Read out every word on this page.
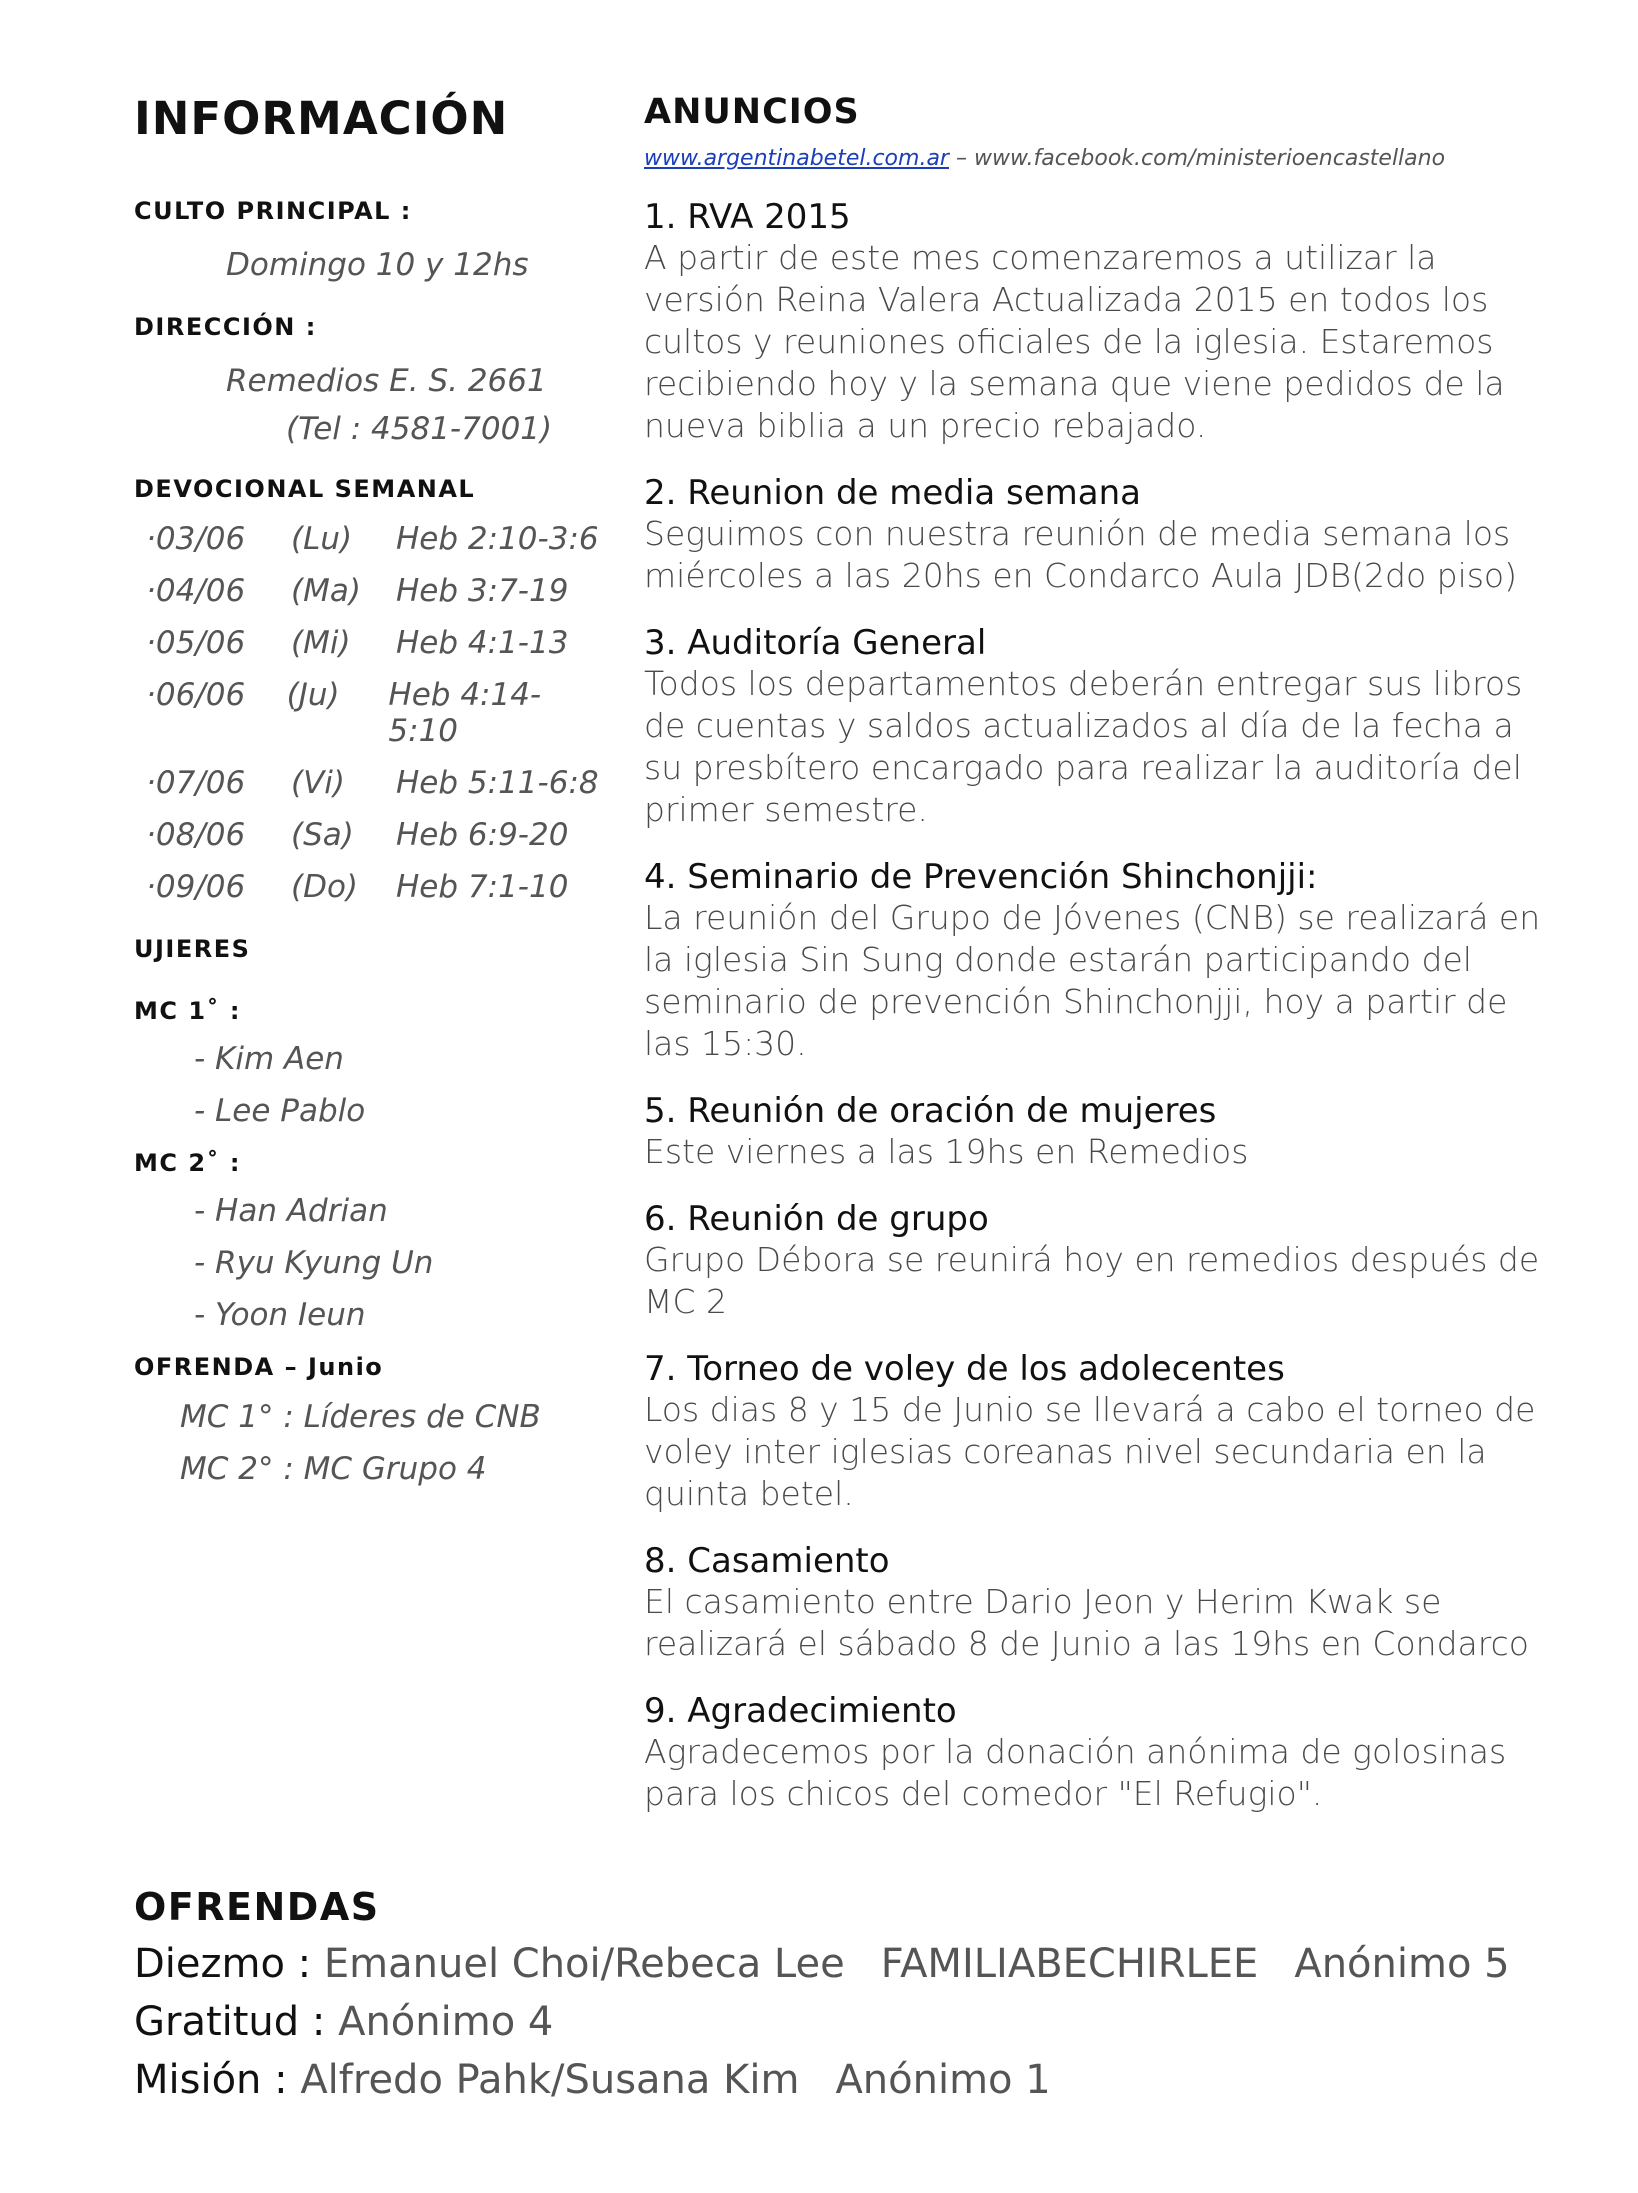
INFORMACIÓN

CULTO PRINCIPAL :

Domingo 10 y 12hs

DIRECCIÓN :

Remedios E. S. 2661
(Tel : 4581-7001)

DEVOCIONAL SEMANAL

·03/06	(Lu)	Heb 2:10-3:6
·04/06	(Ma)	Heb 3:7-19
·05/06	(Mi)	Heb 4:1-13
·06/06	(Ju)	Heb 4:14-5:10
·07/06	(Vi)	Heb 5:11-6:8
·08/06	(Sa)	Heb 6:9-20
·09/06	(Do)	Heb 7:1-10

UJIERES

MC 1˚ :

- Kim Aen
- Lee Pablo

MC 2˚ :

- Han Adrian
- Ryu Kyung Un
- Yoon Ieun

OFRENDA – Junio

MC 1° : Líderes de CNB
MC 2° : MC Grupo 4
ANUNCIOS
www.argentinabetel.com.ar – www.facebook.com/ministerioencastellano
1. RVA 2015
A partir de este mes comenzaremos a utilizar la versión Reina Valera Actualizada 2015 en todos los cultos y reuniones oficiales de la iglesia. Estaremos recibiendo hoy y la semana que viene pedidos de la nueva biblia a un precio rebajado.
2. Reunion de media semana
Seguimos con nuestra reunión de media semana los miércoles a las 20hs en Condarco Aula JDB(2do piso)
3. Auditoría General
Todos los departamentos deberán entregar sus libros de cuentas y saldos actualizados al día de la fecha a su presbítero encargado para realizar la auditoría del primer semestre.
4. Seminario de Prevención Shinchonjji:
La reunión del Grupo de Jóvenes (CNB) se realizará en la iglesia Sin Sung donde estarán participando del seminario de prevención Shinchonjji, hoy a partir de las 15:30.
5. Reunión de oración de mujeres
Este viernes a las 19hs en Remedios
6. Reunión de grupo
Grupo Débora se reunirá hoy en remedios después de MC 2
7. Torneo de voley de los adolecentes
Los dias 8 y 15 de Junio se llevará a cabo el torneo de voley inter iglesias coreanas nivel secundaria en la quinta betel.
8. Casamiento
El casamiento entre Dario Jeon y Herim Kwak se realizará el sábado 8 de Junio a las 19hs en Condarco
9. Agradecimiento
Agradecemos por la donación anónima de golosinas para los chicos del comedor "El Refugio".
OFRENDAS
Diezmo : Emanuel Choi/Rebeca Lee FAMILIABECHIRLEE Anónimo 5
Gratitud : Anónimo 4
Misión : Alfredo Pahk/Susana Kim Anónimo 1
